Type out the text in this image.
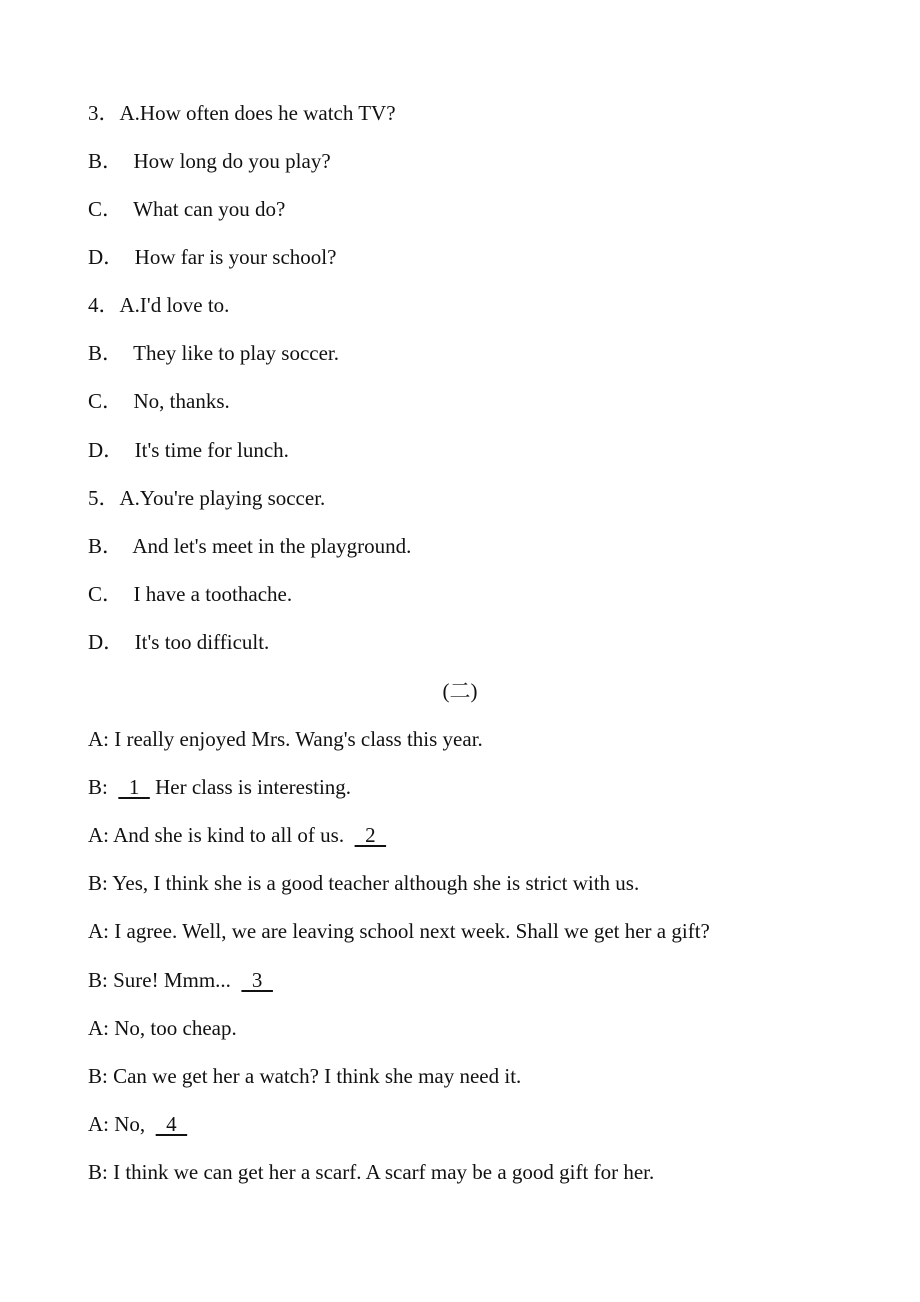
3．A.How often does he watch TV?
B． How long do you play?
C． What can you do?
D． How far is your school?
4．A.I'd love to.
B． They like to play soccer.
C． No, thanks.
D． It's time for lunch.
5．A.You're playing soccer.
B． And let's meet in the playground.
C． I have a toothache.
D． It's too difficult.
(二)
A: I really enjoyed Mrs. Wang's class this year.
B:    1   Her class is interesting.
A: And she is kind to all of us.    2
B: Yes, I think she is a good teacher although she is strict with us.
A: I agree. Well, we are leaving school next week. Shall we get her a gift?
B: Sure! Mmm...    3
A: No, too cheap.
B: Can we get her a watch? I think she may need it.
A: No,    4
B: I think we can get her a scarf. A scarf may be a good gift for her.
